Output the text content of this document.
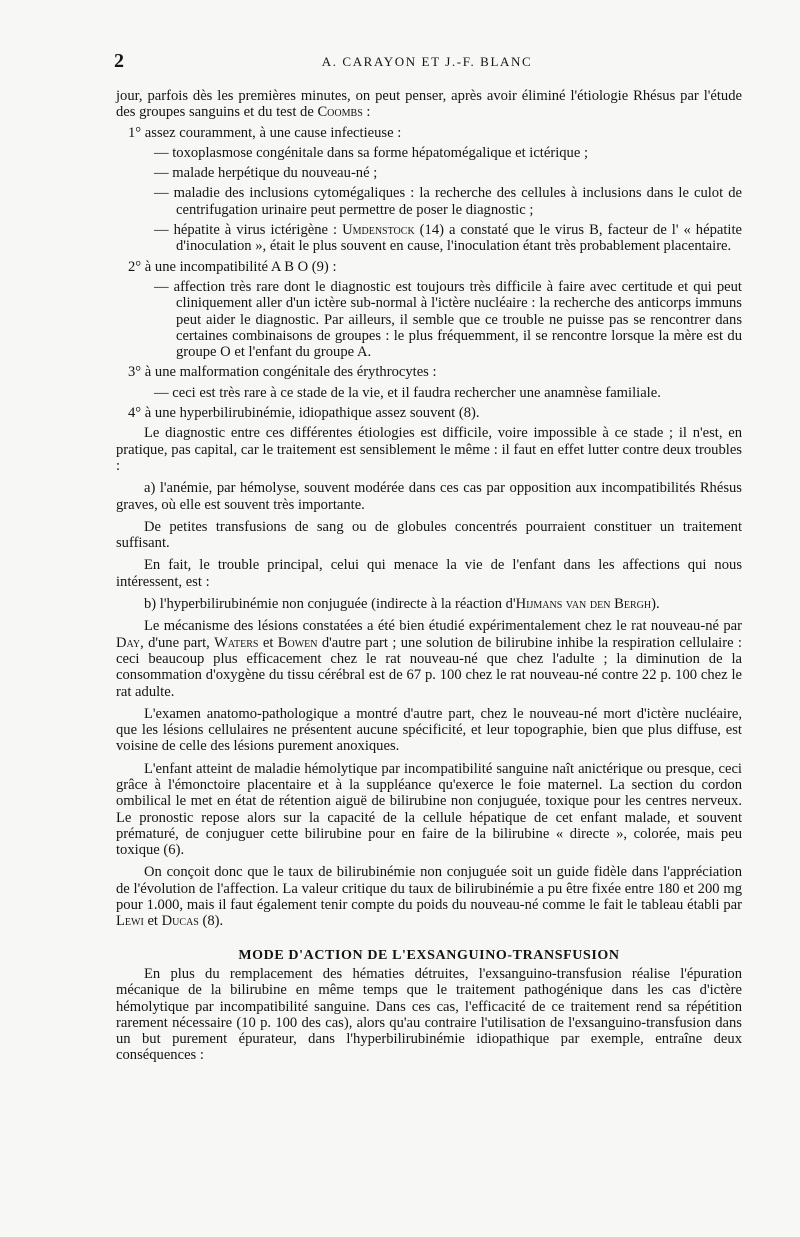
2	A. CARAYON ET J.-F. BLANC

jour, parfois dès les premières minutes, on peut penser, après avoir éliminé l'étiologie Rhésus par l'étude des groupes sanguins et du test de Coombs :

1° assez couramment, à une cause infectieuse :

— toxoplasmose congénitale dans sa forme hépatomégalique et ictérique ;

— malade herpétique du nouveau-né ;

— maladie des inclusions cytomégaliques : la recherche des cellules à inclusions dans le culot de centrifugation urinaire peut permettre de poser le diagnostic ;

— hépatite à virus ictérigène : Umdenstock (14) a constaté que le virus B, facteur de l' « hépatite d'inoculation », était le plus souvent en cause, l'inoculation étant très probablement placentaire.

2° à une incompatibilité A B O (9) :

— affection très rare dont le diagnostic est toujours très difficile à faire avec certitude et qui peut cliniquement aller d'un ictère sub-normal à l'ictère nucléaire : la recherche des anticorps immuns peut aider le diagnostic. Par ailleurs, il semble que ce trouble ne puisse pas se rencontrer dans certaines combinaisons de groupes : le plus fréquemment, il se rencontre lorsque la mère est du groupe O et l'enfant du groupe A.

3° à une malformation congénitale des érythrocytes :

— ceci est très rare à ce stade de la vie, et il faudra rechercher une anamnèse familiale.

4° à une hyperbilirubinémie, idiopathique assez souvent (8).

Le diagnostic entre ces différentes étiologies est difficile, voire impossible à ce stade ; il n'est, en pratique, pas capital, car le traitement est sensiblement le même : il faut en effet lutter contre deux troubles :

a) l'anémie, par hémolyse, souvent modérée dans ces cas par opposition aux incompatibilités Rhésus graves, où elle est souvent très importante.

De petites transfusions de sang ou de globules concentrés pourraient constituer un traitement suffisant.

En fait, le trouble principal, celui qui menace la vie de l'enfant dans les affections qui nous intéressent, est :

b) l'hyperbilirubinémie non conjuguée (indirecte à la réaction d'Hijmans van den Bergh).

Le mécanisme des lésions constatées a été bien étudié expérimentalement chez le rat nouveau-né par Day, d'une part, Waters et Bowen d'autre part ; une solution de bilirubine inhibe la respiration cellulaire : ceci beaucoup plus efficacement chez le rat nouveau-né que chez l'adulte ; la diminution de la consommation d'oxygène du tissu cérébral est de 67 p. 100 chez le rat nouveau-né contre 22 p. 100 chez le rat adulte.

L'examen anatomo-pathologique a montré d'autre part, chez le nouveau-né mort d'ictère nucléaire, que les lésions cellulaires ne présentent aucune spécificité, et leur topographie, bien que plus diffuse, est voisine de celle des lésions purement anoxiques.

L'enfant atteint de maladie hémolytique par incompatibilité sanguine naît anictérique ou presque, ceci grâce à l'émonctoire placentaire et à la suppléance qu'exerce le foie maternel. La section du cordon ombilical le met en état de rétention aiguë de bilirubine non conjuguée, toxique pour les centres nerveux. Le pronostic repose alors sur la capacité de la cellule hépatique de cet enfant malade, et souvent prématuré, de conjuguer cette bilirubine pour en faire de la bilirubine « directe », colorée, mais peu toxique (6).

On conçoit donc que le taux de bilirubinémie non conjuguée soit un guide fidèle dans l'appréciation de l'évolution de l'affection. La valeur critique du taux de bilirubinémie a pu être fixée entre 180 et 200 mg pour 1.000, mais il faut également tenir compte du poids du nouveau-né comme le fait le tableau établi par Lewi et Ducas (8).

MODE D'ACTION DE L'EXSANGUINO-TRANSFUSION

En plus du remplacement des hématies détruites, l'exsanguino-transfusion réalise l'épuration mécanique de la bilirubine en même temps que le traitement pathogénique dans les cas d'ictère hémolytique par incompatibilité sanguine. Dans ces cas, l'efficacité de ce traitement rend sa répétition rarement nécessaire (10 p. 100 des cas), alors qu'au contraire l'utilisation de l'exsanguino-transfusion dans un but purement épurateur, dans l'hyperbilirubinémie idiopathique par exemple, entraîne deux conséquences :
